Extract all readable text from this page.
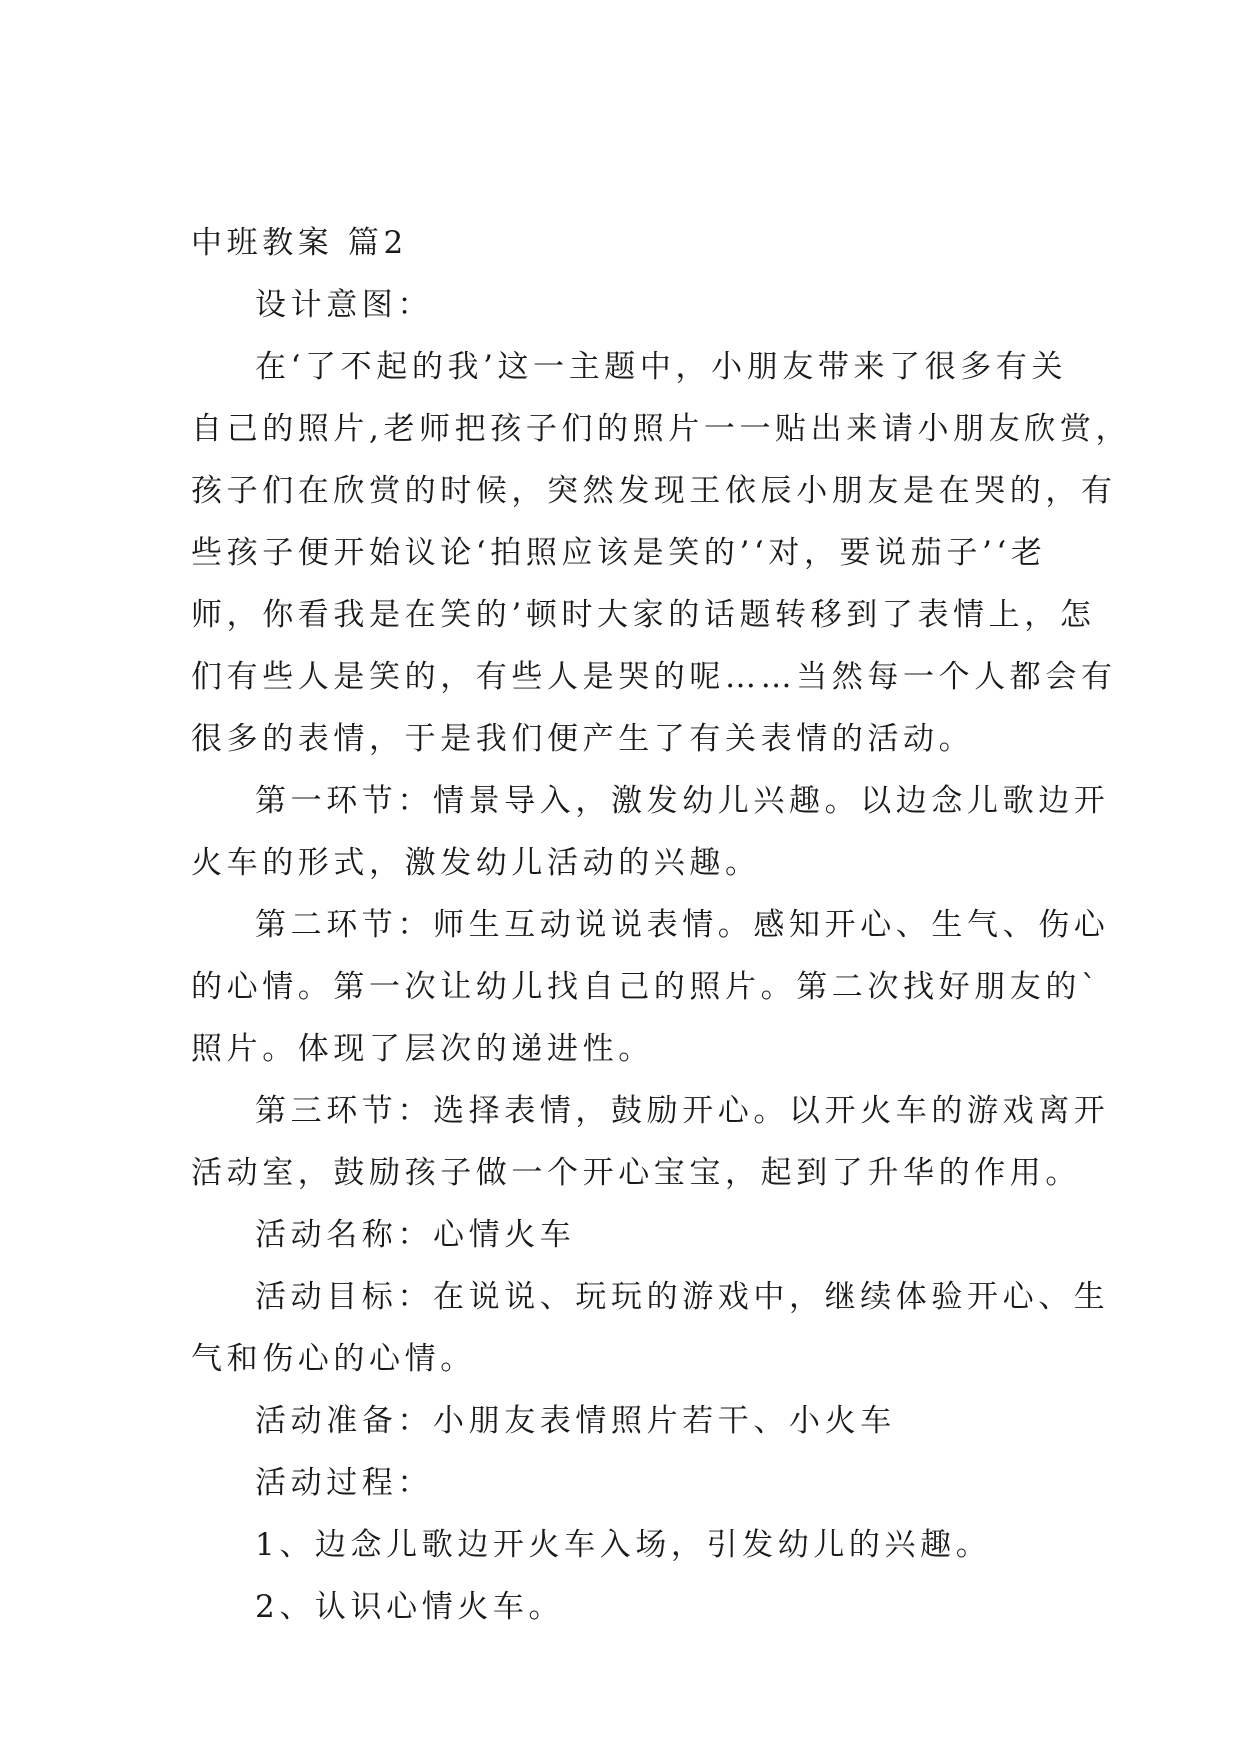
中班教案 篇2
设计意图：
在‘了不起的我’这一主题中，小朋友带来了很多有关
自己的照片,老师把孩子们的照片一一贴出来请小朋友欣赏，
孩子们在欣赏的时候，突然发现王依辰小朋友是在哭的，有
些孩子便开始议论‘拍照应该是笑的’‘对，要说茄子’‘老
师，你看我是在笑的’顿时大家的话题转移到了表情上，怎
们有些人是笑的，有些人是哭的呢……当然每一个人都会有
很多的表情，于是我们便产生了有关表情的活动。
第一环节：情景导入，激发幼儿兴趣。以边念儿歌边开
火车的形式，激发幼儿活动的兴趣。
第二环节：师生互动说说表情。感知开心、生气、伤心
的心情。第一次让幼儿找自己的照片。第二次找好朋友的`
照片。体现了层次的递进性。
第三环节：选择表情，鼓励开心。以开火车的游戏离开
活动室，鼓励孩子做一个开心宝宝，起到了升华的作用。
活动名称：心情火车
活动目标：在说说、玩玩的游戏中，继续体验开心、生
气和伤心的心情。
活动准备：小朋友表情照片若干、小火车
活动过程：
1、边念儿歌边开火车入场，引发幼儿的兴趣。
2、认识心情火车。
